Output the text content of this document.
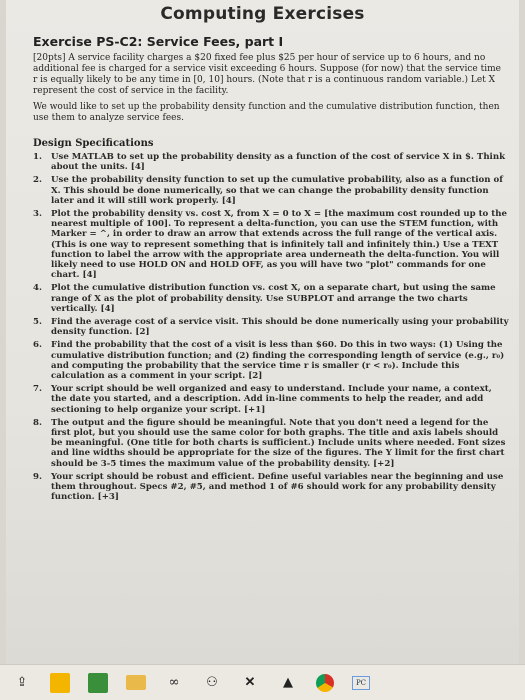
Computing Exercises
Exercise PS-C2: Service Fees, part I

[20pts] A service facility charges a $20 fixed fee plus $25 per hour of service up to 6 hours, and no additional fee is charged for a service visit exceeding 6 hours. Suppose (for now) that the service time r is equally likely to be any time in [0, 10] hours. (Note that r is a continuous random variable.) Let X represent the cost of service in the facility.

We would like to set up the probability density function and the cumulative distribution function, then use them to analyze service fees.

Design Specifications
1.	Use MATLAB to set up the probability density as a function of the cost of service X in $. Think about the units. [4]
2.	Use the probability density function to set up the cumulative probability, also as a function of X. This should be done numerically, so that we can change the probability density function later and it will still work properly. [4]
3.	Plot the probability density vs. cost X, from X = 0 to X = [the maximum cost rounded up to the nearest multiple of 100]. To represent a delta-function, you can use the STEM function, with Marker = ^, in order to draw an arrow that extends across the full range of the vertical axis. (This is one way to represent something that is infinitely tall and infinitely thin.) Use a TEXT function to label the arrow with the appropriate area underneath the delta-function. You will likely need to use HOLD ON and HOLD OFF, as you will have two "plot" commands for one chart. [4]
4.	Plot the cumulative distribution function vs. cost X, on a separate chart, but using the same range of X as the plot of probability density. Use SUBPLOT and arrange the two charts vertically. [4]
5.	Find the average cost of a service visit. This should be done numerically using your probability density function. [2]
6.	Find the probability that the cost of a visit is less than $60. Do this in two ways: (1) Using the cumulative distribution function; and (2) finding the corresponding length of service (e.g., r₀) and computing the probability that the service time r is smaller (r < r₀). Include this calculation as a comment in your script. [2]
7.	Your script should be well organized and easy to understand. Include your name, a context, the date you started, and a description. Add in-line comments to help the reader, and add sectioning to help organize your script. [+1]
8.	The output and the figure should be meaningful. Note that you don't need a legend for the first plot, but you should use the same color for both graphs. The title and axis labels should be meaningful. (One title for both charts is sufficient.) Include units where needed. Font sizes and line widths should be appropriate for the size of the figures. The Y limit for the first chart should be 3-5 times the maximum value of the probability density. [+2]
9.	Your script should be robust and efficient. Define useful variables near the beginning and use them throughout. Specs #2, #5, and method 1 of #6 should work for any probability density function. [+3]
⇪	∞	⚇	✕	▲	PC
